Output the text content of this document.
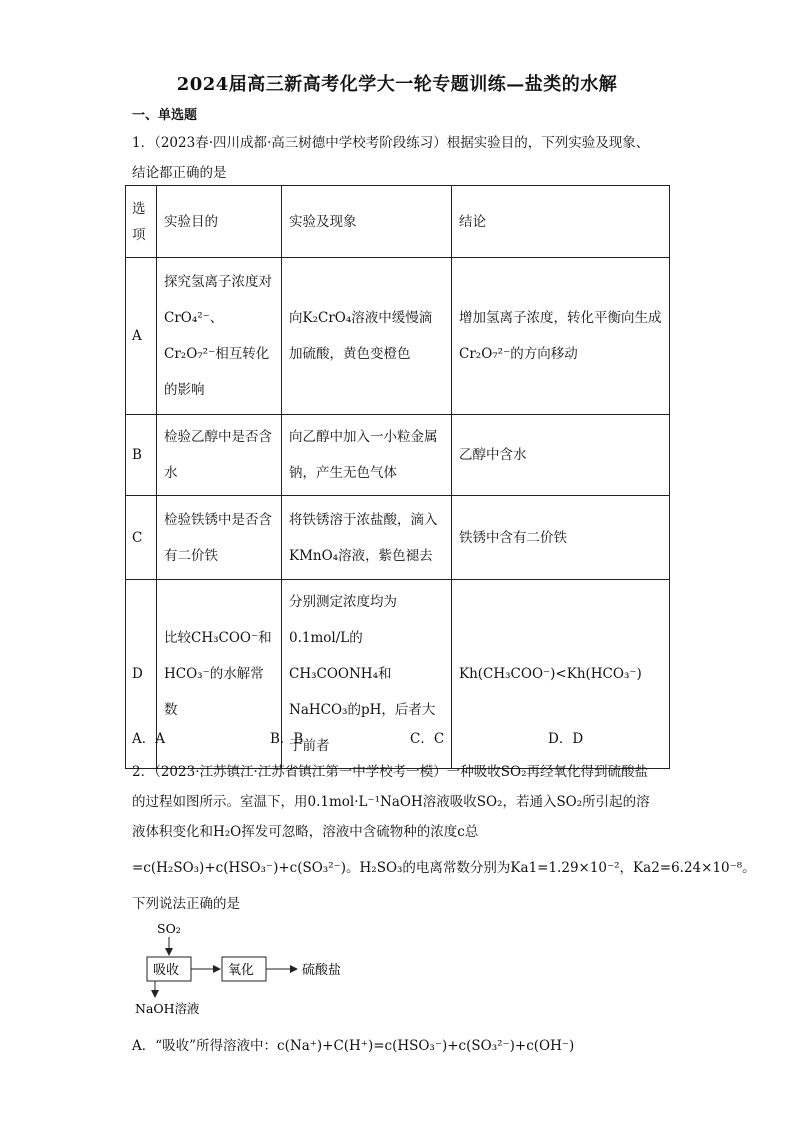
2024届高三新高考化学大一轮专题训练—盐类的水解
一、单选题
1．（2023春·四川成都·高三树德中学校考阶段练习）根据实验目的，下列实验及现象、
结论都正确的是
选项	实验目的	实验及现象	结论
A	探究氢离子浓度对CrO₄²⁻、Cr₂O₇²⁻相互转化的影响	向K₂CrO₄溶液中缓慢滴加硫酸，黄色变橙色	增加氢离子浓度，转化平衡向生成Cr₂O₇²⁻的方向移动
B	检验乙醇中是否含水	向乙醇中加入一小粒金属钠，产生无色气体	乙醇中含水
C	检验铁锈中是否含有二价铁	将铁锈溶于浓盐酸，滴入KMnO₄溶液，紫色褪去	铁锈中含有二价铁
D	比较CH₃COO⁻和HCO₃⁻的水解常数	分别测定浓度均为0.1mol/L的CH₃COONH₄和NaHCO₃的pH，后者大于前者	Kh(CH₃COO⁻)<Kh(HCO₃⁻)
A．A	B．B	C．C	D．D
2．（2023·江苏镇江·江苏省镇江第一中学校考一模）一种吸收SO₂再经氧化得到硫酸盐
的过程如图所示。室温下，用0.1mol·L⁻¹NaOH溶液吸收SO₂，若通入SO₂所引起的溶
液体积变化和H₂O挥发可忽略，溶液中含硫物种的浓度c总
=c(H₂SO₃)+c(HSO₃⁻)+c(SO₃²⁻)。H₂SO₃的电离常数分别为Ka1=1.29×10⁻²，Ka2=6.24×10⁻⁸。
下列说法正确的是
SO₂
吸收	氧化	硫酸盐
NaOH溶液
A．“吸收”所得溶液中：c(Na⁺)+C(H⁺)=c(HSO₃⁻)+c(SO₃²⁻)+c(OH⁻)
